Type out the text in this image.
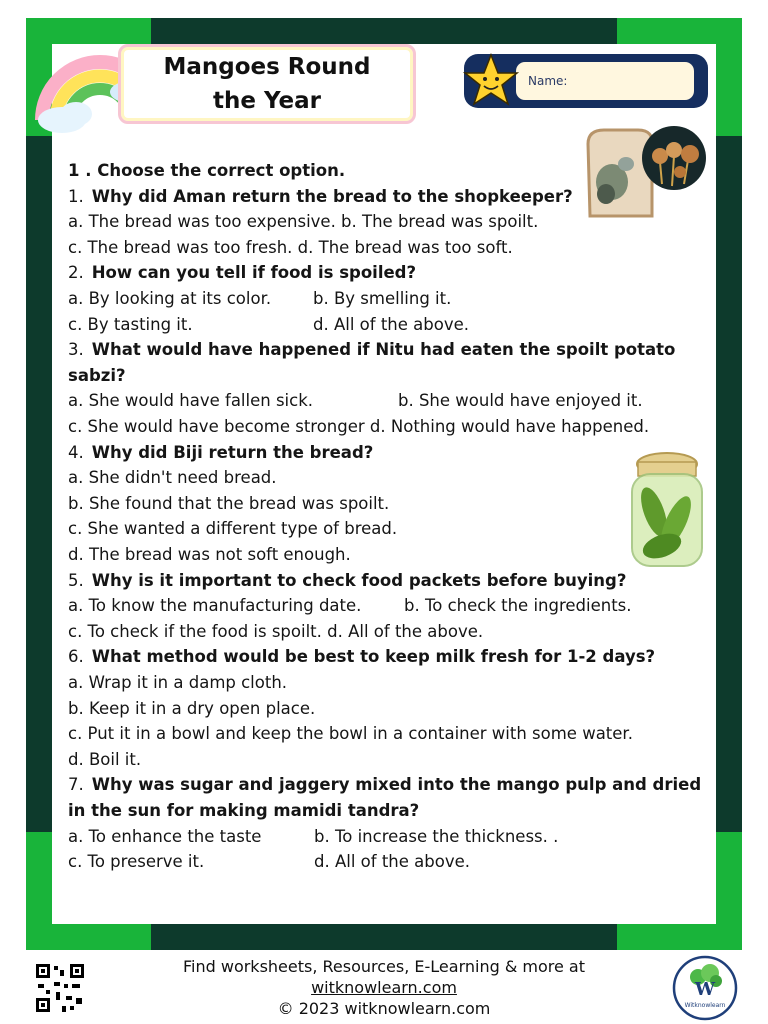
Mangoes Round
the Year
Name:
1 . Choose the correct option.
1. Why did Aman return the bread to the shopkeeper?
a. The bread was too expensive. b. The bread was spoilt.
c. The bread was too fresh. d. The bread was too soft.
2. How can you tell if food is spoiled?
a. By looking at its color.	b. By smelling it.
c. By tasting it.	d. All of the above.
3. What would have happened if Nitu had eaten the spoilt potato
sabzi?
a. She would have fallen sick.	b. She would have enjoyed it.
c. She would have become stronger d. Nothing would have happened.
4. Why did Biji return the bread?
a. She didn't need bread.
b. She found that the bread was spoilt.
c. She wanted a different type of bread.
d. The bread was not soft enough.
5. Why is it important to check food packets before buying?
a. To know the manufacturing date.	b. To check the ingredients.
c. To check if the food is spoilt. d. All of the above.
6. What method would be best to keep milk fresh for 1-2 days?
a. Wrap it in a damp cloth.
b. Keep it in a dry open place.
c. Put it in a bowl and keep the bowl in a container with some water.
d. Boil it.
7. Why was sugar and jaggery mixed into the mango pulp and dried
in the sun for making mamidi tandra?
a. To enhance the taste	b. To increase the thickness. .
c. To preserve it.	d. All of the above.
Find worksheets, Resources, E-Learning & more at
witknowlearn.com
© 2023 witknowlearn.com
W
Witknowlearn
